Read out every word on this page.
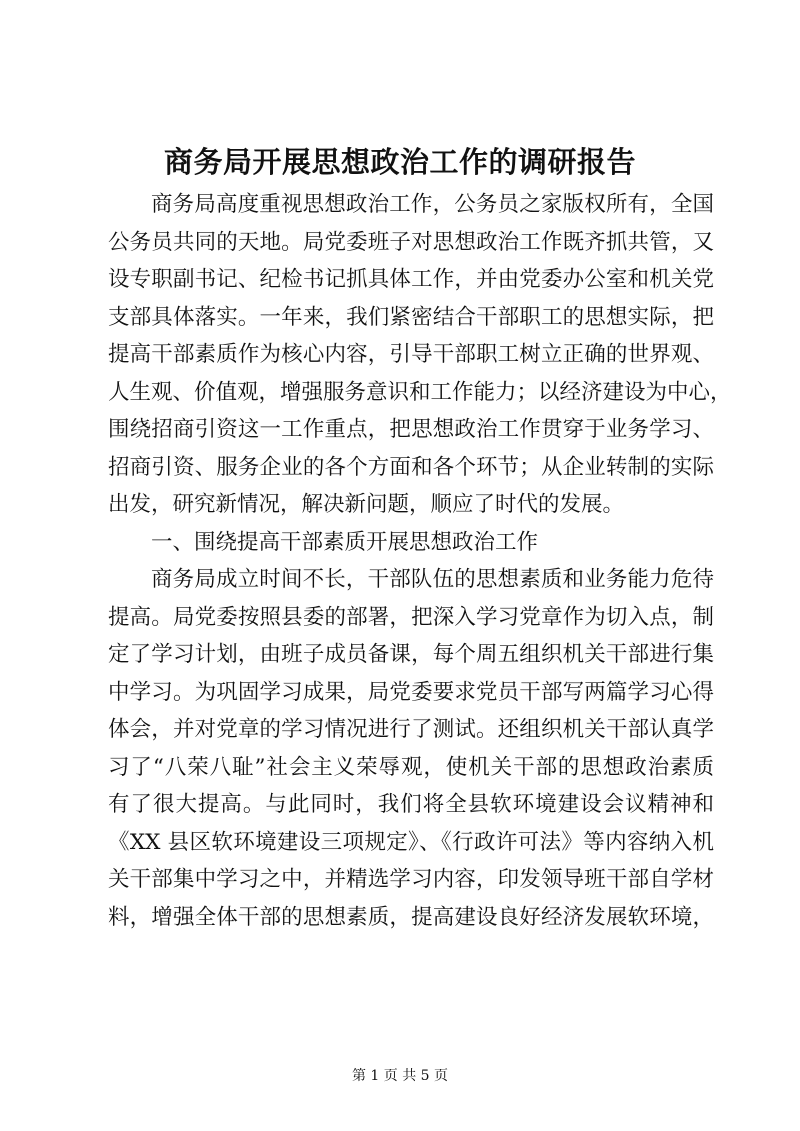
商务局开展思想政治工作的调研报告
商务局高度重视思想政治工作，公务员之家版权所有，全国
公务员共同的天地。局党委班子对思想政治工作既齐抓共管，又
设专职副书记、纪检书记抓具体工作，并由党委办公室和机关党
支部具体落实。一年来，我们紧密结合干部职工的思想实际，把
提高干部素质作为核心内容，引导干部职工树立正确的世界观、
人生观、价值观，增强服务意识和工作能力；以经济建设为中心，
围绕招商引资这一工作重点，把思想政治工作贯穿于业务学习、
招商引资、服务企业的各个方面和各个环节；从企业转制的实际
出发，研究新情况，解决新问题，顺应了时代的发展。
一、围绕提高干部素质开展思想政治工作
商务局成立时间不长，干部队伍的思想素质和业务能力危待
提高。局党委按照县委的部署，把深入学习党章作为切入点，制
定了学习计划，由班子成员备课，每个周五组织机关干部进行集
中学习。为巩固学习成果，局党委要求党员干部写两篇学习心得
体会，并对党章的学习情况进行了测试。还组织机关干部认真学
习了“八荣八耻”社会主义荣辱观，使机关干部的思想政治素质
有了很大提高。与此同时，我们将全县软环境建设会议精神和
《XX 县区软环境建设三项规定》、《行政许可法》等内容纳入机
关干部集中学习之中，并精选学习内容，印发领导班干部自学材
料，增强全体干部的思想素质，提高建设良好经济发展软环境，
第 1 页 共 5 页
